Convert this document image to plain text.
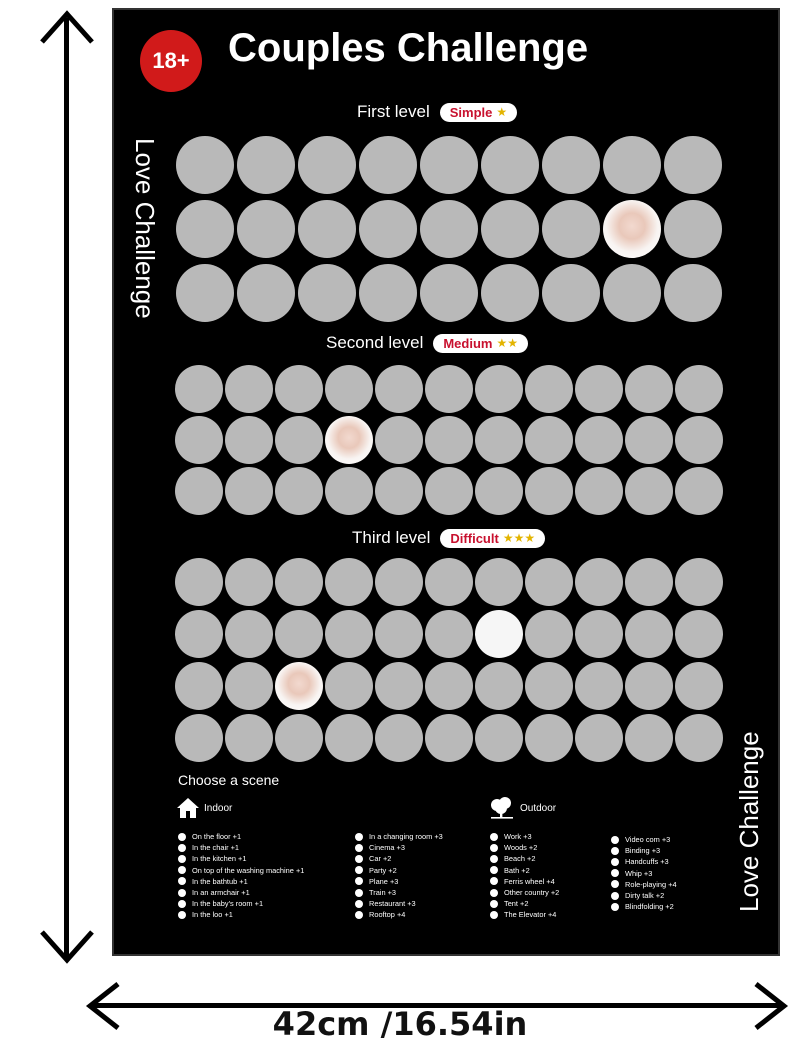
42cm /16.54in
18+ Couples Challenge
Love Challenge
Love Challenge
First level Simple ★
Second level Medium ★★
Third level Difficult ★★★
Choose a scene
Indoor	Outdoor
On the floor +1
In the chair +1
In the kitchen +1
On top of the washing machine +1
In the bathtub +1
In an armchair +1
In the baby's room +1
In the loo +1
In a changing room +3
Cinema +3
Car +2
Party +2
Plane +3
Train +3
Restaurant +3
Rooftop +4
Work +3
Woods +2
Beach +2
Bath +2
Ferris wheel +4
Other country +2
Tent +2
The Elevator +4
Video com +3
Binding +3
Handcuffs +3
Whip +3
Role-playing +4
Dirty talk +2
Blindfolding +2
